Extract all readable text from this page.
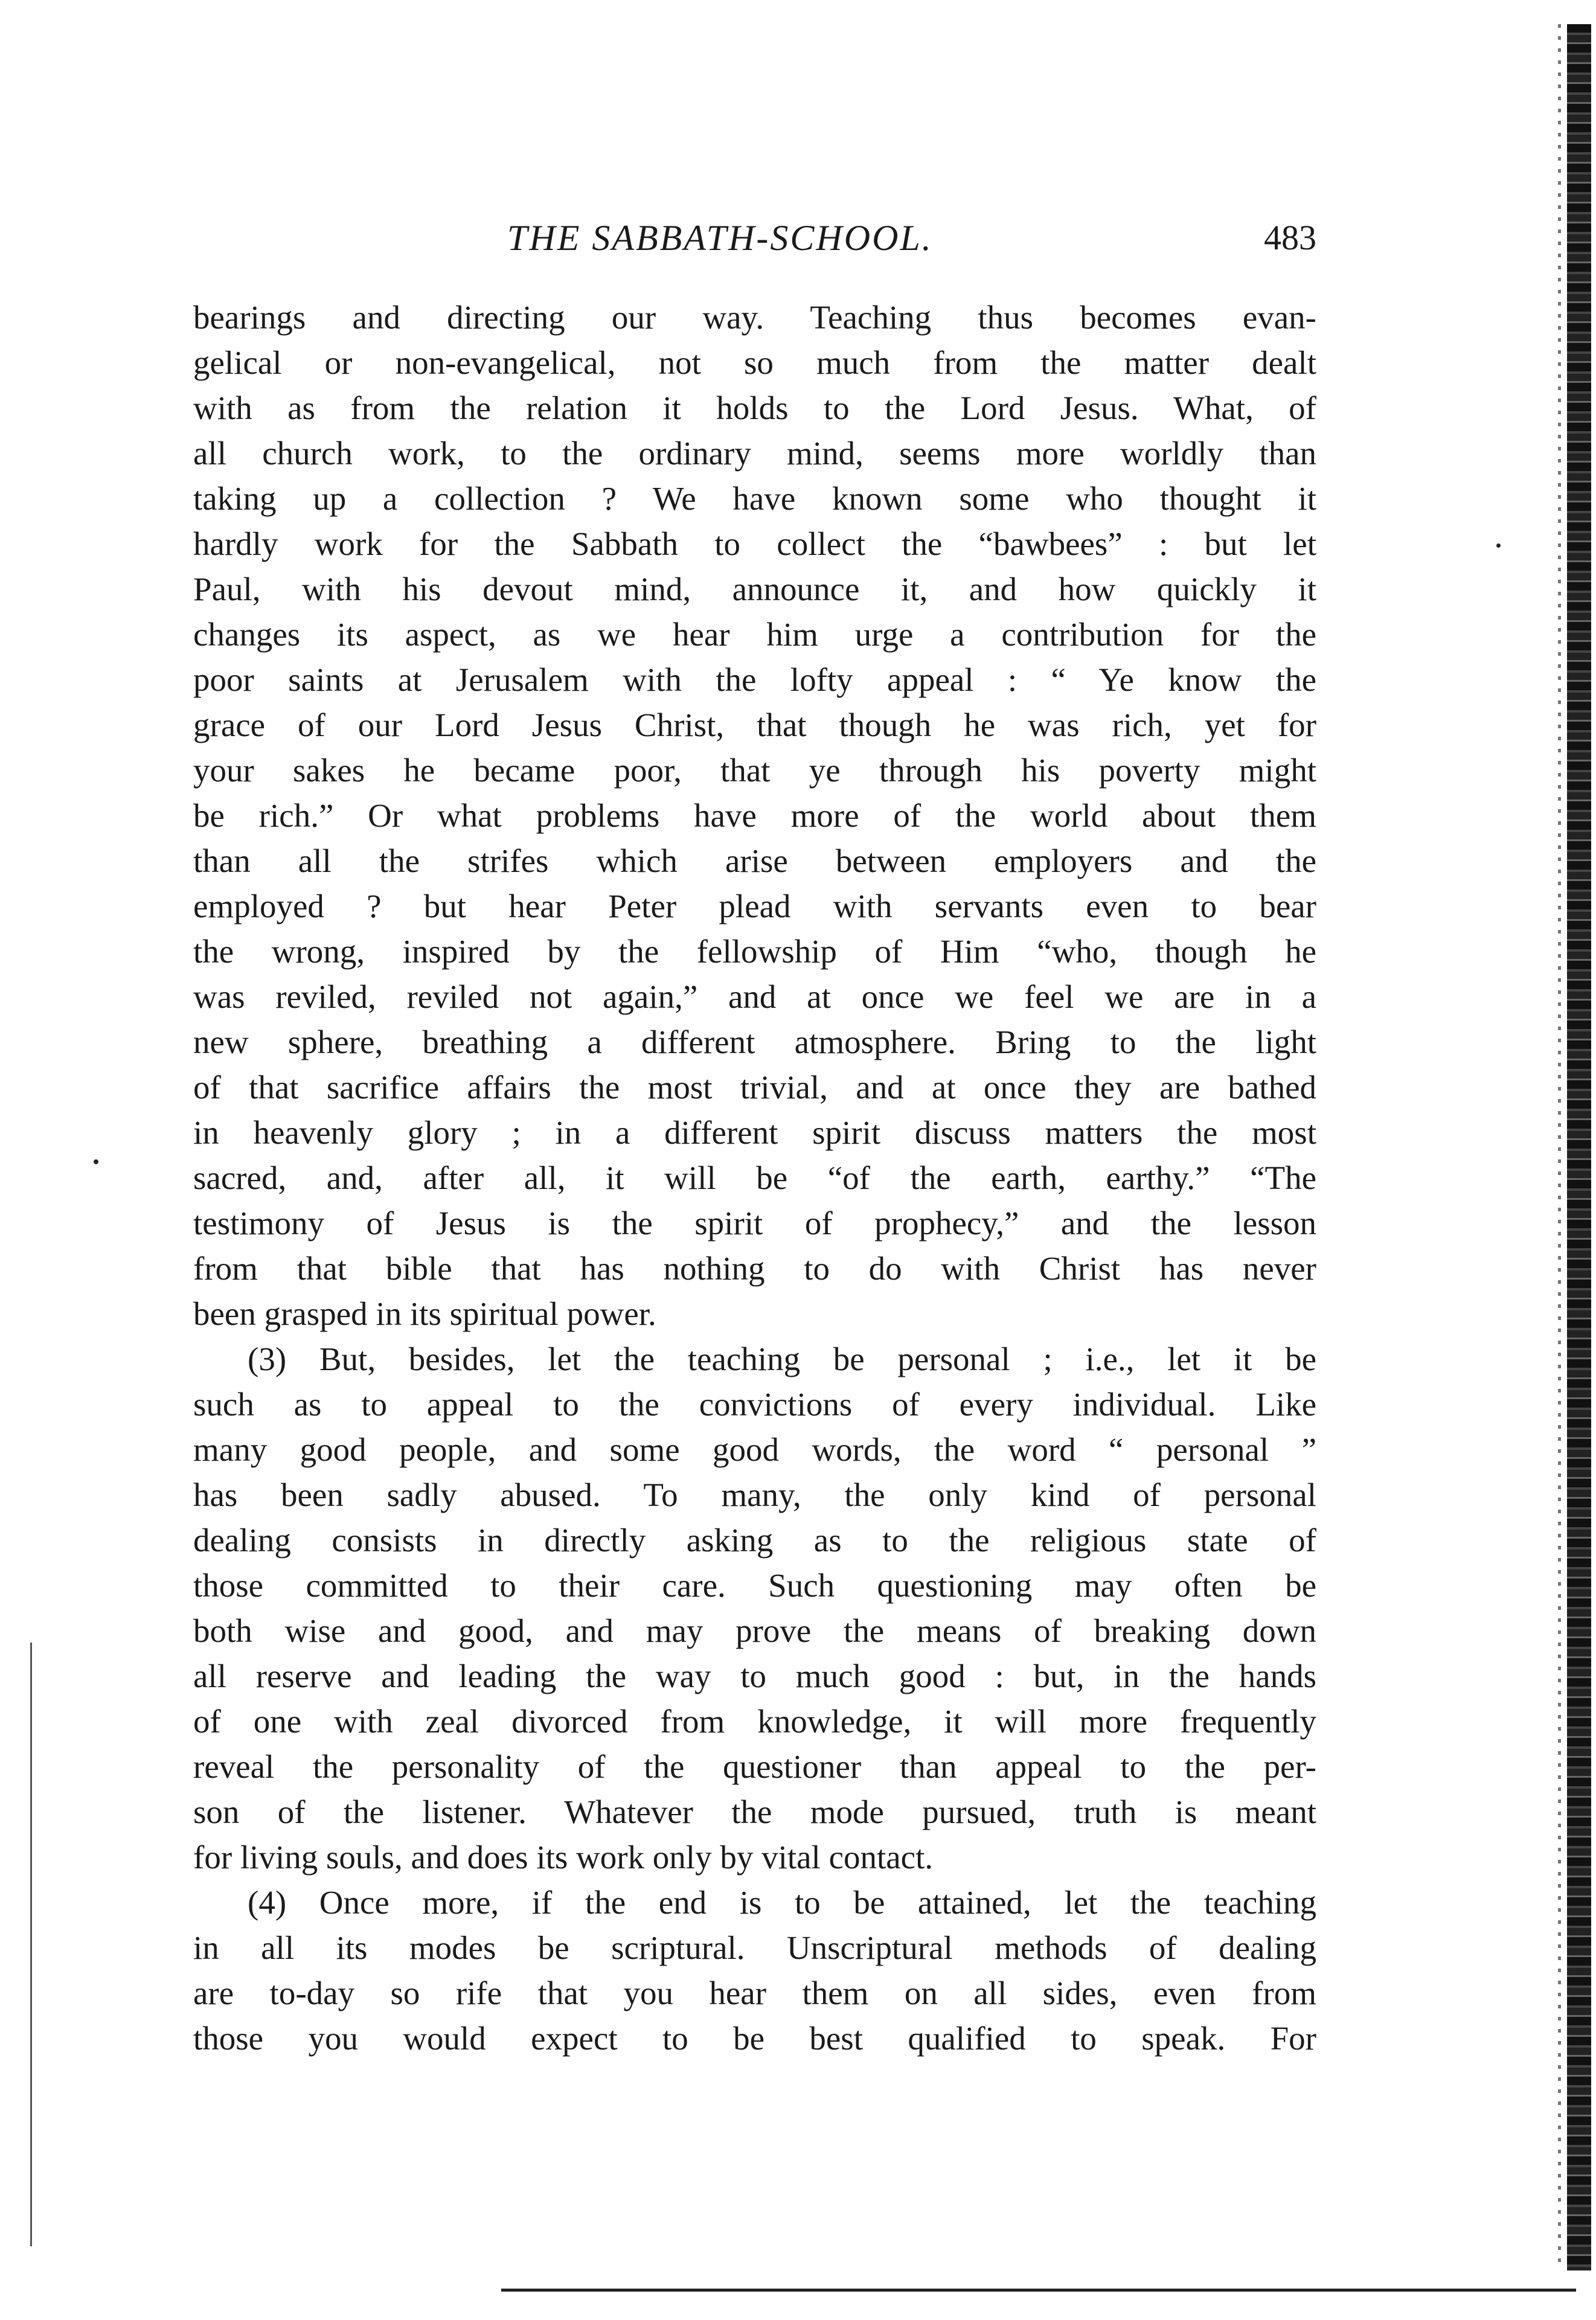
THE SABBATH-SCHOOL.	483
bearings and directing our way. Teaching thus becomes evan-
gelical or non-evangelical, not so much from the matter dealt
with as from the relation it holds to the Lord Jesus. What, of
all church work, to the ordinary mind, seems more worldly than
taking up a collection ? We have known some who thought it
hardly work for the Sabbath to collect the “bawbees” : but let
Paul, with his devout mind, announce it, and how quickly it
changes its aspect, as we hear him urge a contribution for the
poor saints at Jerusalem with the lofty appeal : “ Ye know the
grace of our Lord Jesus Christ, that though he was rich, yet for
your sakes he became poor, that ye through his poverty might
be rich.” Or what problems have more of the world about them
than all the strifes which arise between employers and the
employed ? but hear Peter plead with servants even to bear
the wrong, inspired by the fellowship of Him “who, though he
was reviled, reviled not again,” and at once we feel we are in a
new sphere, breathing a different atmosphere. Bring to the light
of that sacrifice affairs the most trivial, and at once they are bathed
in heavenly glory ; in a different spirit discuss matters the most
sacred, and, after all, it will be “of the earth, earthy.” “The
testimony of Jesus is the spirit of prophecy,” and the lesson
from that bible that has nothing to do with Christ has never
been grasped in its spiritual power.
(3) But, besides, let the teaching be personal ; i.e., let it be
such as to appeal to the convictions of every individual. Like
many good people, and some good words, the word “ personal ”
has been sadly abused. To many, the only kind of personal
dealing consists in directly asking as to the religious state of
those committed to their care. Such questioning may often be
both wise and good, and may prove the means of breaking down
all reserve and leading the way to much good : but, in the hands
of one with zeal divorced from knowledge, it will more frequently
reveal the personality of the questioner than appeal to the per-
son of the listener. Whatever the mode pursued, truth is meant
for living souls, and does its work only by vital contact.
(4) Once more, if the end is to be attained, let the teaching
in all its modes be scriptural. Unscriptural methods of dealing
are to-day so rife that you hear them on all sides, even from
those you would expect to be best qualified to speak. For
